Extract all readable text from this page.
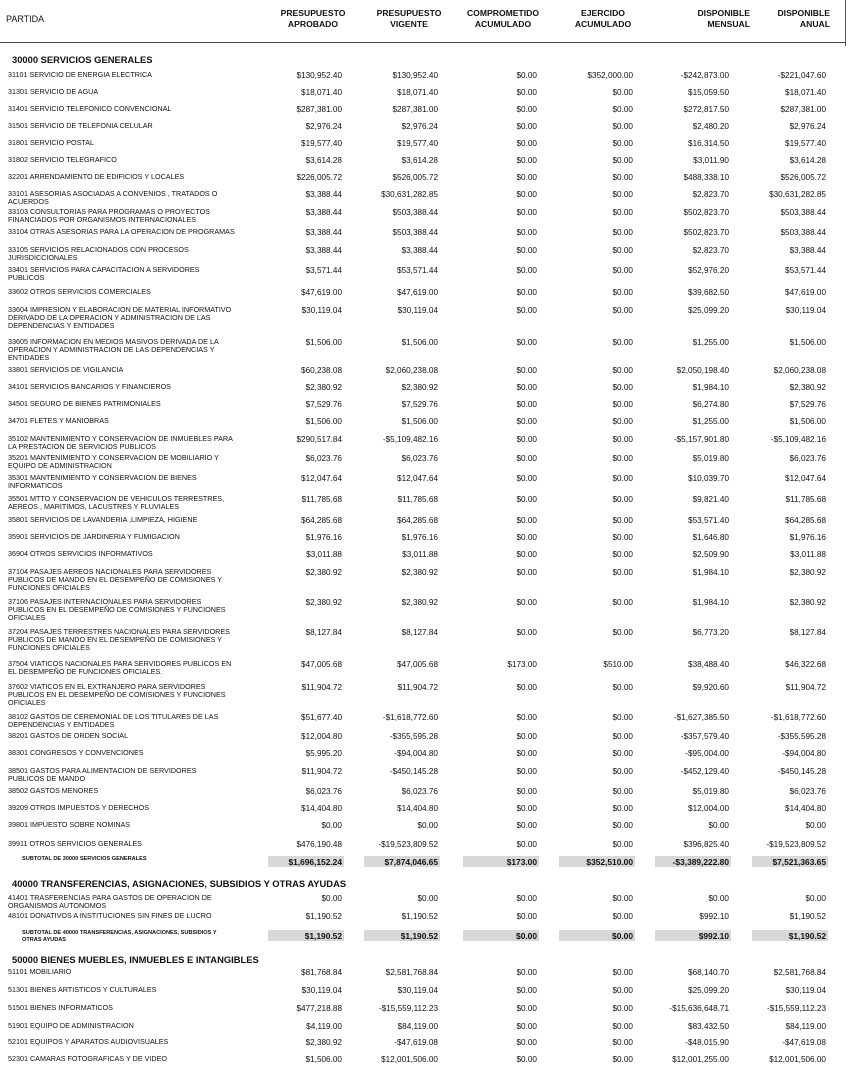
PARTIDA
PRESUPUESTO
APROBADO
PRESUPUESTO
VIGENTE
COMPROMETIDO
ACUMULADO
EJERCIDO
ACUMULADO
DISPONIBLE
MENSUAL
DISPONIBLE
ANUAL
30000 SERVICIOS GENERALES
31101 SERVICIO DE ENERGIA ELECTRICA	$130,952.40	$130,952.40	$0.00	$352,000.00	-$242,873.00	-$221,047.60
31301 SERVICIO DE AGUA	$18,071.40	$18,071.40	$0.00	$0.00	$15,059.50	$18,071.40
31401 SERVICIO TELEFONICO CONVENCIONAL	$287,381.00	$287,381.00	$0.00	$0.00	$272,817.50	$287,381.00
31501 SERVICIO DE TELEFONIA CELULAR	$2,976.24	$2,976.24	$0.00	$0.00	$2,480.20	$2,976.24
31801 SERVICIO POSTAL	$19,577.40	$19,577.40	$0.00	$0.00	$16,314.50	$19,577.40
31802 SERVICIO TELEGRAFICO	$3,614.28	$3,614.28	$0.00	$0.00	$3,011.90	$3,614.28
32201 ARRENDAMIENTO DE EDIFICIOS Y LOCALES	$226,005.72	$526,005.72	$0.00	$0.00	$488,338.10	$526,005.72
33101 ASESORIAS ASOCIADAS A CONVENIOS , TRATADOS O
ACUERDOS
$3,388.44	$30,631,282.85	$0.00	$0.00	$2,823.70	$30,631,282.85
33103 CONSULTORIAS PARA PROGRAMAS O PROYECTOS
FINANCIADOS POR ORGANISMOS INTERNACIONALES
$3,388.44	$503,388.44	$0.00	$0.00	$502,823.70	$503,388.44
33104 OTRAS ASESORIAS PARA LA OPERACION DE PROGRAMAS	$3,388.44	$503,388.44	$0.00	$0.00	$502,823.70	$503,388.44
33105 SERVICIOS RELACIONADOS CON PROCESOS
JURISDICCIONALES
$3,388.44	$3,388.44	$0.00	$0.00	$2,823.70	$3,388.44
33401 SERVICIOS PARA CAPACITACION A SERVIDORES
PUBLICOS
$3,571.44	$53,571.44	$0.00	$0.00	$52,976.20	$53,571.44
33602 OTROS SERVICIOS COMERCIALES	$47,619.00	$47,619.00	$0.00	$0.00	$39,682.50	$47,619.00
33604 IMPRESION Y ELABORACION DE MATERIAL INFORMATIVO
DERIVADO DE LA OPERACION Y ADMINISTRACION DE LAS
DEPENDENCIAS Y ENTIDADES
$30,119.04	$30,119.04	$0.00	$0.00	$25,099.20	$30,119.04
33605 INFORMACION EN MEDIOS MASIVOS DERIVADA DE LA
OPERACION Y ADMINISTRACION DE LAS DEPENDENCIAS Y
ENTIDADES
$1,506.00	$1,506.00	$0.00	$0.00	$1,255.00	$1,506.00
33801 SERVICIOS DE VIGILANCIA	$60,238.08	$2,060,238.08	$0.00	$0.00	$2,050,198.40	$2,060,238.08
34101 SERVICIOS BANCARIOS Y FINANCIEROS	$2,380.92	$2,380.92	$0.00	$0.00	$1,984.10	$2,380.92
34501 SEGURO DE BIENES PATRIMONIALES	$7,529.76	$7,529.76	$0.00	$0.00	$6,274.80	$7,529.76
34701 FLETES Y MANIOBRAS	$1,506.00	$1,506.00	$0.00	$0.00	$1,255.00	$1,506.00
35102 MANTENIMIENTO Y CONSERVACION DE INMUEBLES PARA
LA PRESTACION DE SERVICIOS PUBLICOS
$290,517.84	-$5,109,482.16	$0.00	$0.00	-$5,157,901.80	-$5,109,482.16
35201 MANTENIMIENTO Y CONSERVACION DE MOBILIARIO Y
EQUIPO DE ADMINISTRACION
$6,023.76	$6,023.76	$0.00	$0.00	$5,019.80	$6,023.76
35301 MANTENIMIENTO Y CONSERVACION DE BIENES
INFORMATICOS
$12,047.64	$12,047.64	$0.00	$0.00	$10,039.70	$12,047.64
35501 MTTO Y CONSERVACION DE VEHICULOS TERRESTRES,
AEREOS , MARITIMOS, LACUSTRES Y FLUVIALES
$11,785.68	$11,785.68	$0.00	$0.00	$9,821.40	$11,785.68
35801 SERVICIOS DE LAVANDERIA ,LIMPIEZA, HIGIENE	$64,285.68	$64,285.68	$0.00	$0.00	$53,571.40	$64,285.68
35901 SERVICIOS DE JARDINERIA Y FUMIGACION	$1,976.16	$1,976.16	$0.00	$0.00	$1,646.80	$1,976.16
36904 OTROS SERVICIOS INFORMATIVOS	$3,011.88	$3,011.88	$0.00	$0.00	$2,509.90	$3,011.88
37104 PASAJES AEREOS NACIONALES PARA SERVIDORES
PUBLICOS DE MANDO EN EL DESEMPEÑO DE COMISIONES Y
FUNCIONES OFICIALES
$2,380.92	$2,380.92	$0.00	$0.00	$1,984.10	$2,380.92
37106 PASAJES INTERNACIONALES PARA SERVIDORES
PUBLICOS EN EL DESEMPEÑO DE COMISIONES Y FUNCIONES
OFICIALES
$2,380.92	$2,380.92	$0.00	$0.00	$1,984.10	$2,380.92
37204 PASAJES TERRESTRES NACIONALES PARA SERVIDORES
PUBLICOS DE MANDO EN EL DESEMPEÑO DE COMISIONES Y
FUNCIONES OFICIALES
$8,127.84	$8,127.84	$0.00	$0.00	$6,773.20	$8,127.84
37504 VIATICOS NACIONALES PARA SERVIDORES PUBLICOS EN
EL DESEMPEÑO DE FUNCIONES OFICIALES.
$47,005.68	$47,005.68	$173.00	$510.00	$38,488.40	$46,322.68
37602 VIATICOS EN EL EXTRANJERO PARA SERVIDORES
PUBLICOS EN EL DESEMPEÑO DE COMISIONES Y FUNCIONES
OFICIALES
$11,904.72	$11,904.72	$0.00	$0.00	$9,920.60	$11,904.72
38102 GASTOS DE CEREMONIAL DE LOS TITULARES DE LAS
DEPENDENCIAS Y ENTIDADES
$51,677.40	-$1,618,772.60	$0.00	$0.00	-$1,627,385.50	-$1,618,772.60
38201 GASTOS DE ORDEN SOCIAL	$12,004.80	-$355,595.28	$0.00	$0.00	-$357,579.40	-$355,595.28
38301 CONGRESOS Y CONVENCIONES	$5,995.20	-$94,004.80	$0.00	$0.00	-$95,004.00	-$94,004.80
38501 GASTOS PARA ALIMENTACION DE SERVIDORES
PUBLICOS DE MANDO
$11,904.72	-$450,145.28	$0.00	$0.00	-$452,129.40	-$450,145.28
38502 GASTOS MENORES	$6,023.76	$6,023.76	$0.00	$0.00	$5,019.80	$6,023.76
39209 OTROS IMPUESTOS Y DERECHOS	$14,404.80	$14,404.80	$0.00	$0.00	$12,004.00	$14,404.80
39801 IMPUESTO SOBRE NOMINAS	$0.00	$0.00	$0.00	$0.00	$0.00	$0.00
39911 OTROS SERVICIOS GENERALES	$476,190.48	-$19,523,809.52	$0.00	$0.00	$396,825.40	-$19,523,809.52
SUBTOTAL DE 30000 SERVICIOS GENERALES	$1,696,152.24	$7,874,046.65	$173.00	$352,510.00	-$3,389,222.80	$7,521,363.65
40000 TRANSFERENCIAS, ASIGNACIONES, SUBSIDIOS Y OTRAS AYUDAS
41401 TRASFERENCIAS PARA GASTOS DE OPERACION DE
ORGANISMOS AUTONOMOS
$0.00	$0.00	$0.00	$0.00	$0.00	$0.00
48101 DONATIVOS A INSTITUCIONES SIN FINES DE LUCRO	$1,190.52	$1,190.52	$0.00	$0.00	$992.10	$1,190.52
SUBTOTAL DE 40000 TRANSFERENCIAS, ASIGNACIONES, SUBSIDIOS Y
OTRAS AYUDAS	$1,190.52	$1,190.52	$0.00	$0.00	$992.10	$1,190.52
50000 BIENES MUEBLES, INMUEBLES E INTANGIBLES
51101 MOBILIARIO	$81,768.84	$2,581,768.84	$0.00	$0.00	$68,140.70	$2,581,768.84
51301 BIENES ARTISTICOS Y CULTURALES	$30,119.04	$30,119.04	$0.00	$0.00	$25,099.20	$30,119.04
51501 BIENES INFORMATICOS	$477,218.88	-$15,559,112.23	$0.00	$0.00	-$15,636,648.71	-$15,559,112.23
51901 EQUIPO DE ADMINISTRACION	$4,119.00	$84,119.00	$0.00	$0.00	$83,432.50	$84,119.00
52101 EQUIPOS Y APARATOS AUDIOVISUALES	$2,380.92	-$47,619.08	$0.00	$0.00	-$48,015.90	-$47,619.08
52301 CAMARAS FOTOGRAFICAS Y DE VIDEO	$1,506.00	$12,001,506.00	$0.00	$0.00	$12,001,255.00	$12,001,506.00
